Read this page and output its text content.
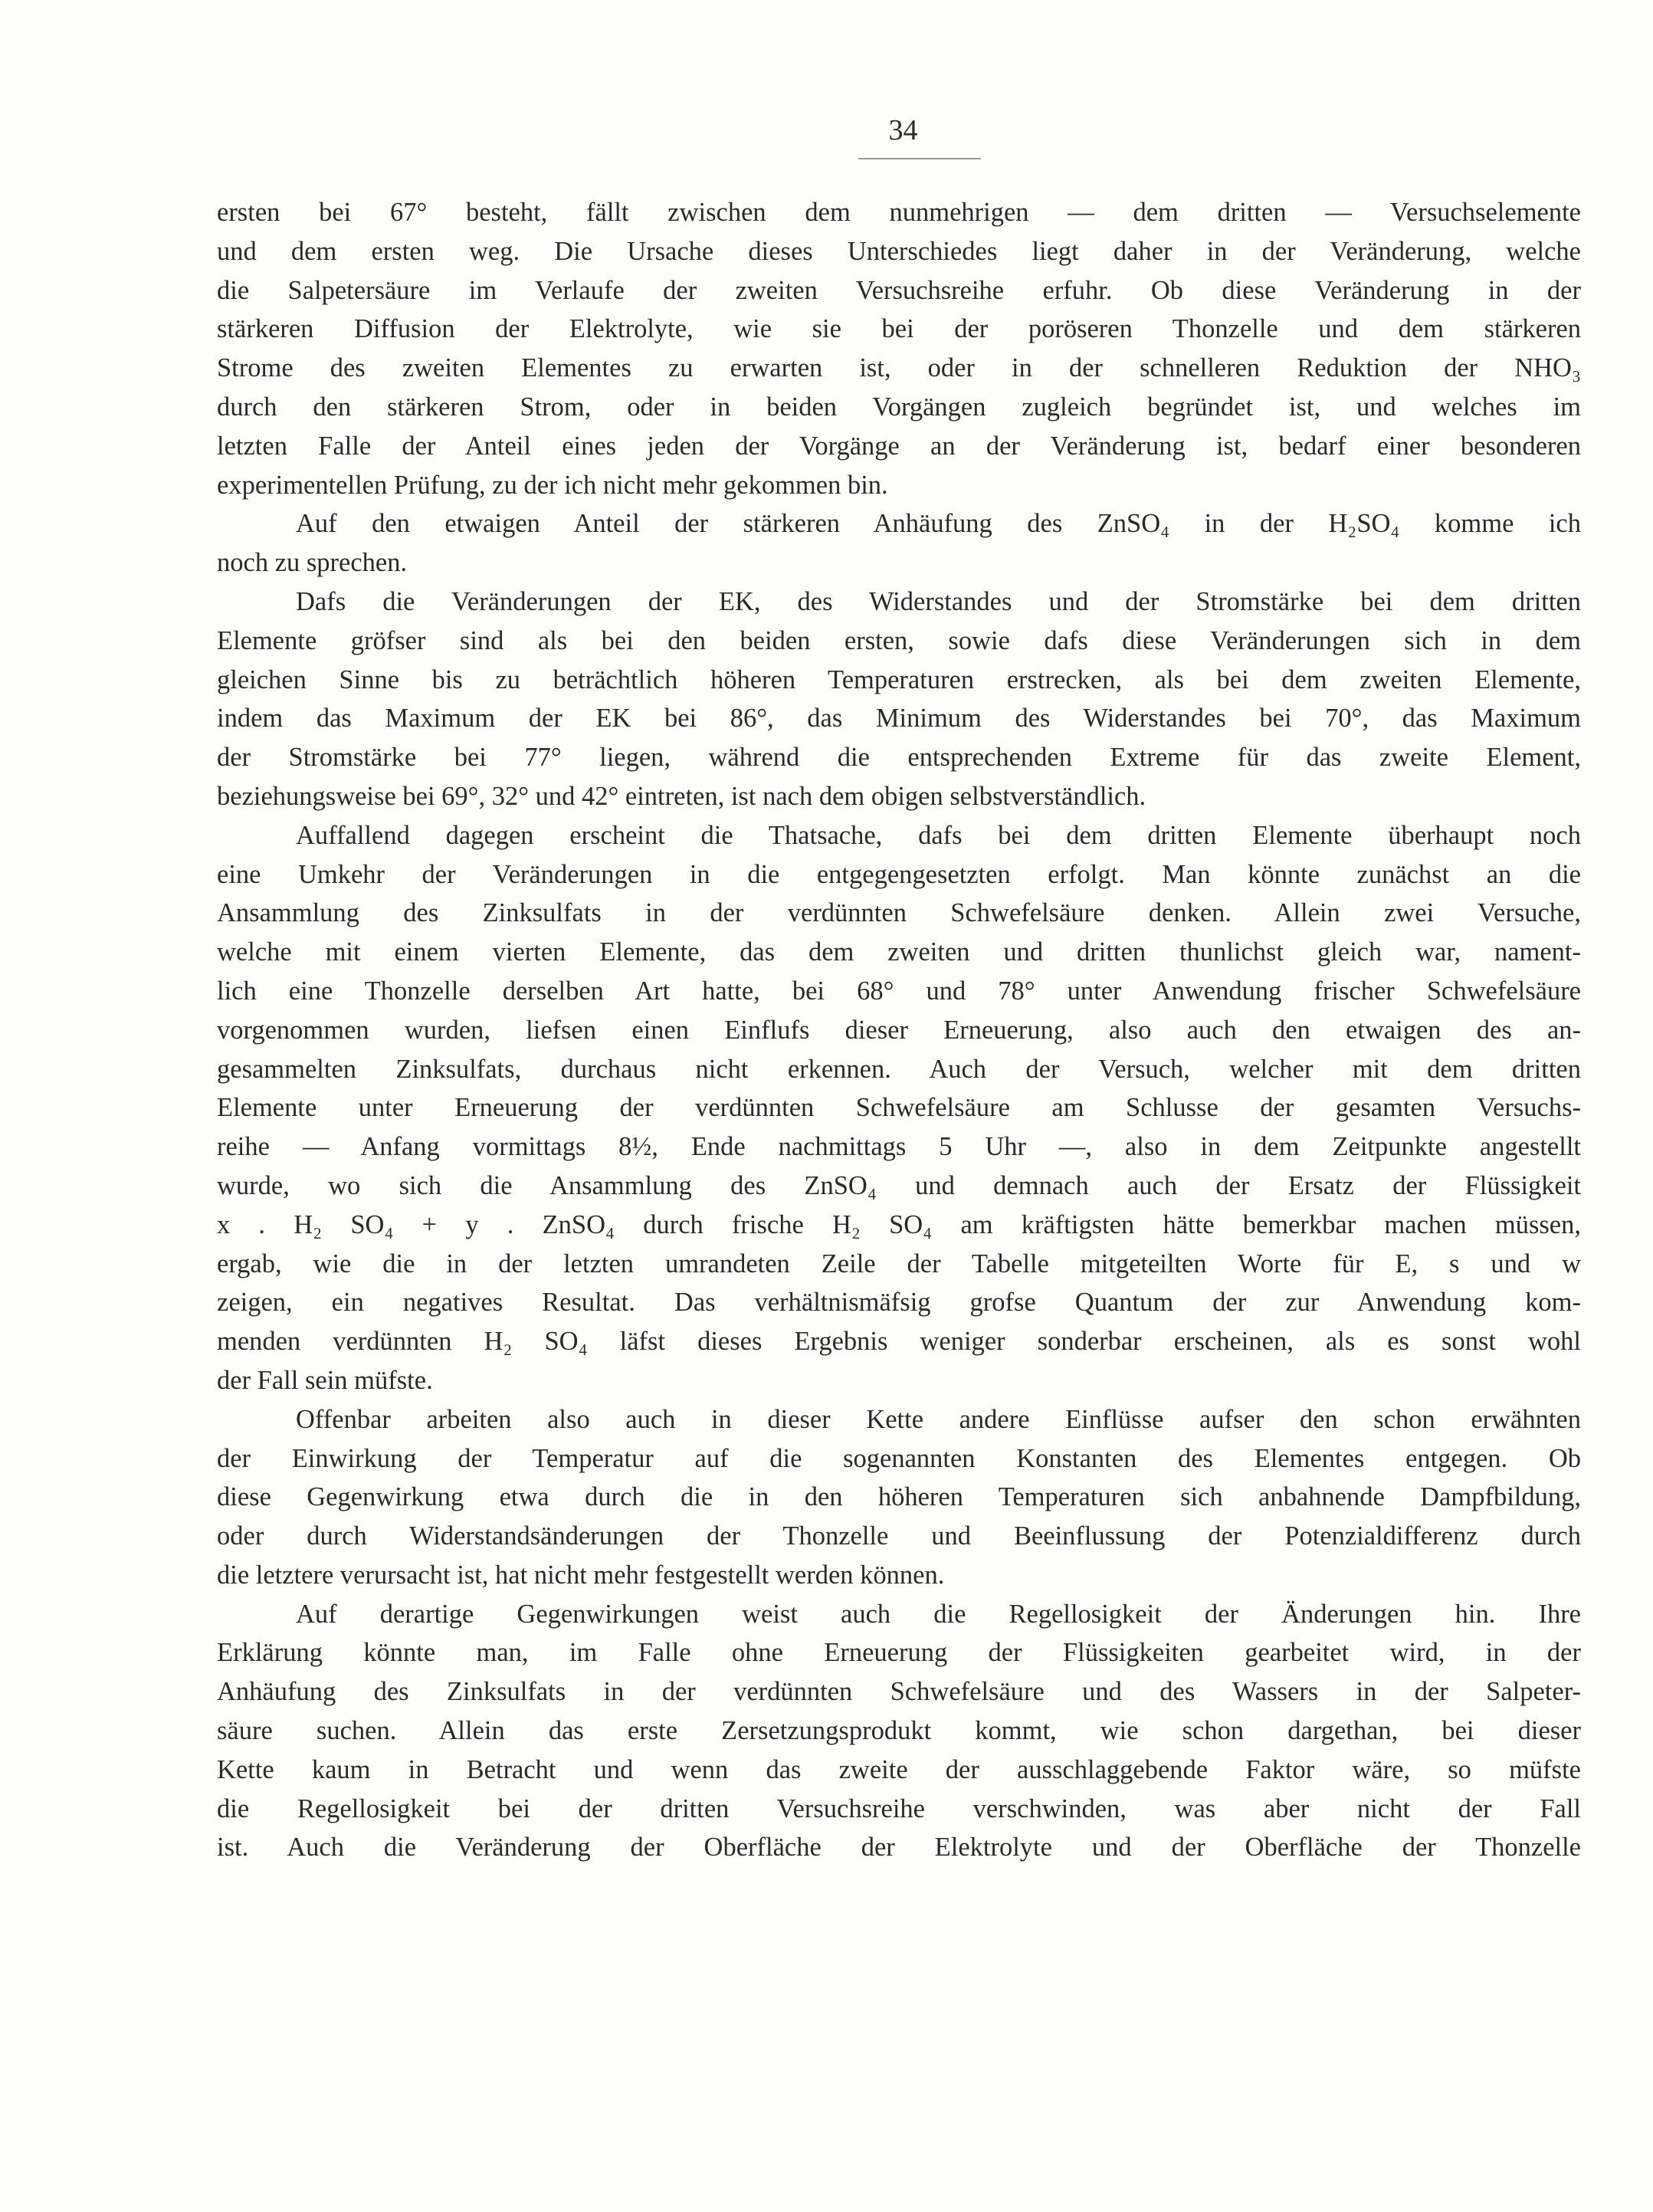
34
ersten bei 67° besteht, fällt zwischen dem nunmehrigen — dem dritten — Versuchselemente
und dem ersten weg. Die Ursache dieses Unterschiedes liegt daher in der Veränderung, welche
die Salpetersäure im Verlaufe der zweiten Versuchsreihe erfuhr. Ob diese Veränderung in der
stärkeren Diffusion der Elektrolyte, wie sie bei der poröseren Thonzelle und dem stärkeren
Strome des zweiten Elementes zu erwarten ist, oder in der schnelleren Reduktion der NHO₃
durch den stärkeren Strom, oder in beiden Vorgängen zugleich begründet ist, und welches im
letzten Falle der Anteil eines jeden der Vorgänge an der Veränderung ist, bedarf einer besonderen
experimentellen Prüfung, zu der ich nicht mehr gekommen bin.
Auf den etwaigen Anteil der stärkeren Anhäufung des ZnSO₄ in der H₂SO₄ komme ich
noch zu sprechen.
Dafs die Veränderungen der EK, des Widerstandes und der Stromstärke bei dem dritten
Elemente gröfser sind als bei den beiden ersten, sowie dafs diese Veränderungen sich in dem
gleichen Sinne bis zu beträchtlich höheren Temperaturen erstrecken, als bei dem zweiten Elemente,
indem das Maximum der EK bei 86°, das Minimum des Widerstandes bei 70°, das Maximum
der Stromstärke bei 77° liegen, während die entsprechenden Extreme für das zweite Element,
beziehungsweise bei 69°, 32° und 42° eintreten, ist nach dem obigen selbstverständlich.
Auffallend dagegen erscheint die Thatsache, dafs bei dem dritten Elemente überhaupt noch
eine Umkehr der Veränderungen in die entgegengesetzten erfolgt. Man könnte zunächst an die
Ansammlung des Zinksulfats in der verdünnten Schwefelsäure denken. Allein zwei Versuche,
welche mit einem vierten Elemente, das dem zweiten und dritten thunlichst gleich war, nament-
lich eine Thonzelle derselben Art hatte, bei 68° und 78° unter Anwendung frischer Schwefelsäure
vorgenommen wurden, liefsen einen Einflufs dieser Erneuerung, also auch den etwaigen des an-
gesammelten Zinksulfats, durchaus nicht erkennen. Auch der Versuch, welcher mit dem dritten
Elemente unter Erneuerung der verdünnten Schwefelsäure am Schlusse der gesamten Versuchs-
reihe — Anfang vormittags 8½, Ende nachmittags 5 Uhr —, also in dem Zeitpunkte angestellt
wurde, wo sich die Ansammlung des ZnSO₄ und demnach auch der Ersatz der Flüssigkeit
x . H₂ SO₄ + y . ZnSO₄ durch frische H₂ SO₄ am kräftigsten hätte bemerkbar machen müssen,
ergab, wie die in der letzten umrandeten Zeile der Tabelle mitgeteilten Worte für E, s und w
zeigen, ein negatives Resultat. Das verhältnismäfsig grofse Quantum der zur Anwendung kom-
menden verdünnten H₂ SO₄ läfst dieses Ergebnis weniger sonderbar erscheinen, als es sonst wohl
der Fall sein müfste.
Offenbar arbeiten also auch in dieser Kette andere Einflüsse aufser den schon erwähnten
der Einwirkung der Temperatur auf die sogenannten Konstanten des Elementes entgegen. Ob
diese Gegenwirkung etwa durch die in den höheren Temperaturen sich anbahnende Dampfbildung,
oder durch Widerstandsänderungen der Thonzelle und Beeinflussung der Potenzialdifferenz durch
die letztere verursacht ist, hat nicht mehr festgestellt werden können.
Auf derartige Gegenwirkungen weist auch die Regellosigkeit der Änderungen hin. Ihre
Erklärung könnte man, im Falle ohne Erneuerung der Flüssigkeiten gearbeitet wird, in der
Anhäufung des Zinksulfats in der verdünnten Schwefelsäure und des Wassers in der Salpeter-
säure suchen. Allein das erste Zersetzungsprodukt kommt, wie schon dargethan, bei dieser
Kette kaum in Betracht und wenn das zweite der ausschlaggebende Faktor wäre, so müfste
die Regellosigkeit bei der dritten Versuchsreihe verschwinden, was aber nicht der Fall
ist. Auch die Veränderung der Oberfläche der Elektrolyte und der Oberfläche der Thonzelle
